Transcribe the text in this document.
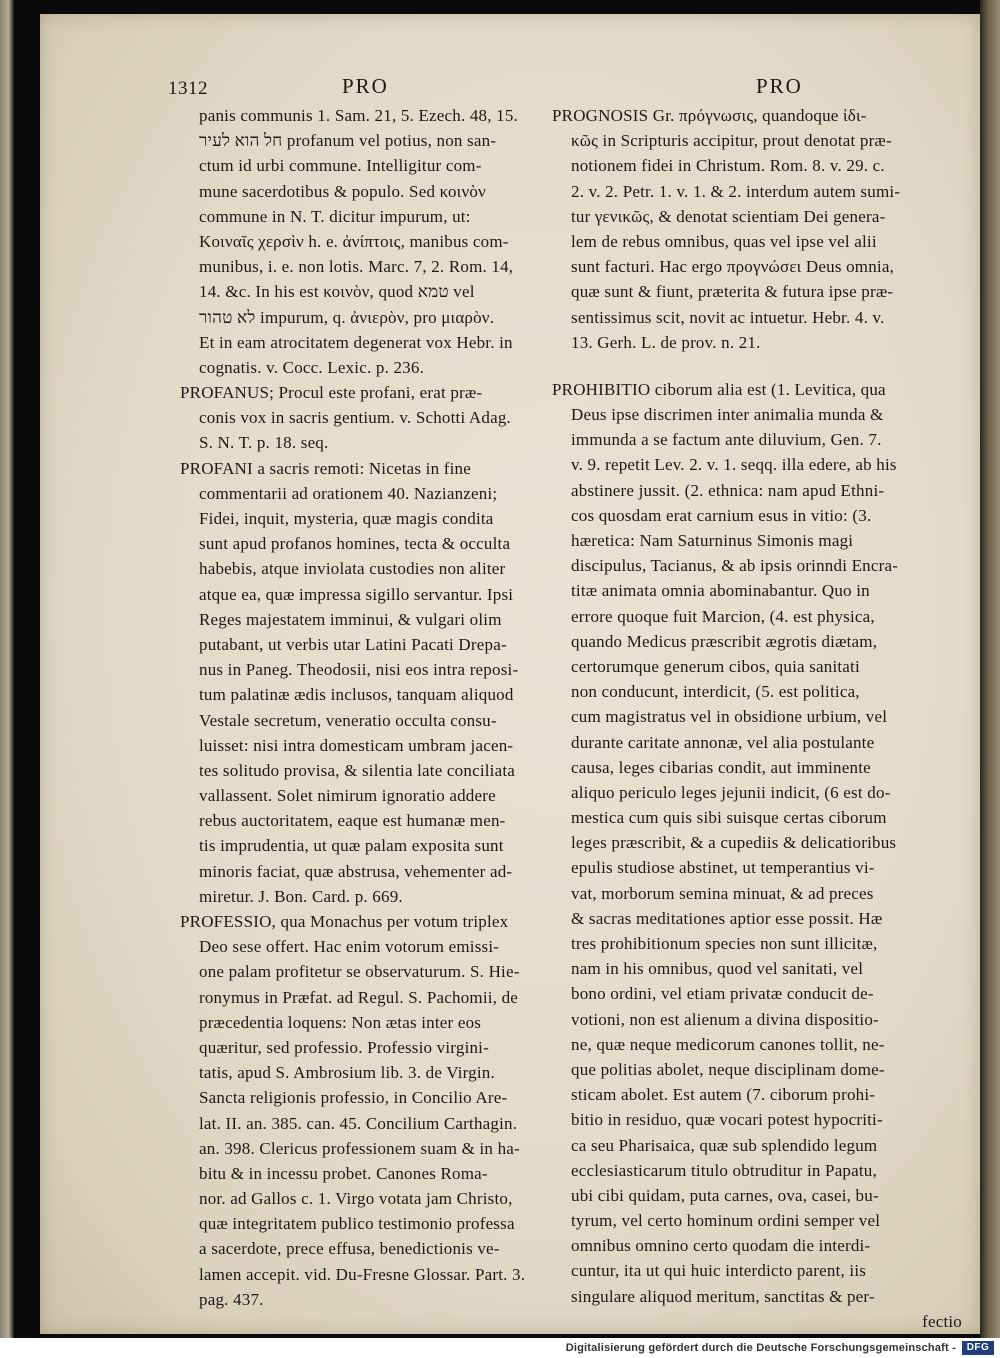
1312	PRO	PRO
panis communis 1. Sam. 21, 5. Ezech. 48, 15.
חל הוא לעיר profanum vel potius, non san-
ctum id urbi commune. Intelligitur com-
mune sacerdotibus & populo. Sed κοινὸν
commune in N. T. dicitur impurum, ut:
Κοιναῖς χερσὶν h. e. ἀνίπτοις, manibus com-
munibus, i. e. non lotis. Marc. 7, 2. Rom. 14,
14. &c. In his est κοινὸν, quod טמא vel
לא טהור impurum, q. ἀνιερὸν, pro μιαρὸν.
Et in eam atrocitatem degenerat vox Hebr. in
cognatis. v. Cocc. Lexic. p. 236.
PROFANUS; Procul este profani, erat præ-
conis vox in sacris gentium. v. Schotti Adag.
S. N. T. p. 18. seq.
PROFANI a sacris remoti: Nicetas in fine
commentarii ad orationem 40. Nazianzeni;
Fidei, inquit, mysteria, quæ magis condita
sunt apud profanos homines, tecta & occulta
habebis, atque inviolata custodies non aliter
atque ea, quæ impressa sigillo servantur. Ipsi
Reges majestatem imminui, & vulgari olim
putabant, ut verbis utar Latini Pacati Drepa-
nus in Paneg. Theodosii, nisi eos intra reposi-
tum palatinæ ædis inclusos, tanquam aliquod
Vestale secretum, veneratio occulta consu-
luisset: nisi intra domesticam umbram jacen-
tes solitudo provisa, & silentia late conciliata
vallassent. Solet nimirum ignoratio addere
rebus auctoritatem, eaque est humanæ men-
tis imprudentia, ut quæ palam exposita sunt
minoris faciat, quæ abstrusa, vehementer ad-
miretur. J. Bon. Card. p. 669.
PROFESSIO, qua Monachus per votum triplex
Deo sese offert. Hac enim votorum emissi-
one palam profitetur se observaturum. S. Hie-
ronymus in Præfat. ad Regul. S. Pachomii, de
præcedentia loquens: Non ætas inter eos
quæritur, sed professio. Professio virgini-
tatis, apud S. Ambrosium lib. 3. de Virgin.
Sancta religionis professio, in Concilio Are-
lat. II. an. 385. can. 45. Concilium Carthagin.
an. 398. Clericus professionem suam & in ha-
bitu & in incessu probet. Canones Roma-
nor. ad Gallos c. 1. Virgo votata jam Christo,
quæ integritatem publico testimonio professa
a sacerdote, prece effusa, benedictionis ve-
lamen accepit. vid. Du-Fresne Glossar. Part. 3.
pag. 437.
PROGNOSIS Gr. πρόγνωσις, quandoque ἰδι-
κῶς in Scripturis accipitur, prout denotat præ-
notionem fidei in Christum. Rom. 8. v. 29. c.
2. v. 2. Petr. 1. v. 1. & 2. interdum autem sumi-
tur γενικῶς, & denotat scientiam Dei genera-
lem de rebus omnibus, quas vel ipse vel alii
sunt facturi. Hac ergo προγνώσει Deus omnia,
quæ sunt & fiunt, præterita & futura ipse præ-
sentissimus scit, novit ac intuetur. Hebr. 4. v.
13. Gerh. L. de prov. n. 21.
PROHIBITIO ciborum alia est (1. Levitica, qua
Deus ipse discrimen inter animalia munda &
immunda a se factum ante diluvium, Gen. 7.
v. 9. repetit Lev. 2. v. 1. seqq. illa edere, ab his
abstinere jussit. (2. ethnica: nam apud Ethni-
cos quosdam erat carnium esus in vitio: (3.
hæretica: Nam Saturninus Simonis magi
discipulus, Tacianus, & ab ipsis orinndi Encra-
titæ animata omnia abominabantur. Quo in
errore quoque fuit Marcion, (4. est physica,
quando Medicus præscribit ægrotis diætam,
certorumque generum cibos, quia sanitati
non conducunt, interdicit, (5. est politica,
cum magistratus vel in obsidione urbium, vel
durante caritate annonæ, vel alia postulante
causa, leges cibarias condit, aut imminente
aliquo periculo leges jejunii indicit, (6 est do-
mestica cum quis sibi suisque certas ciborum
leges præscribit, & a cupediis & delicatioribus
epulis studiose abstinet, ut temperantius vi-
vat, morborum semina minuat, & ad preces
& sacras meditationes aptior esse possit. Hæ
tres prohibitionum species non sunt illicitæ,
nam in his omnibus, quod vel sanitati, vel
bono ordini, vel etiam privatæ conducit de-
votioni, non est alienum a divina dispositio-
ne, quæ neque medicorum canones tollit, ne-
que politias abolet, neque disciplinam dome-
sticam abolet. Est autem (7. ciborum prohi-
bitio in residuo, quæ vocari potest hypocriti-
ca seu Pharisaica, quæ sub splendido legum
ecclesiasticarum titulo obtruditur in Papatu,
ubi cibi quidam, puta carnes, ova, casei, bu-
tyrum, vel certo hominum ordini semper vel
omnibus omnino certo quodam die interdi-
cuntur, ita ut qui huic interdicto parent, iis
singulare aliquod meritum, sanctitas & per-
fectio
Digitalisierung gefördert durch die Deutsche Forschungsgemeinschaft -	DFG
